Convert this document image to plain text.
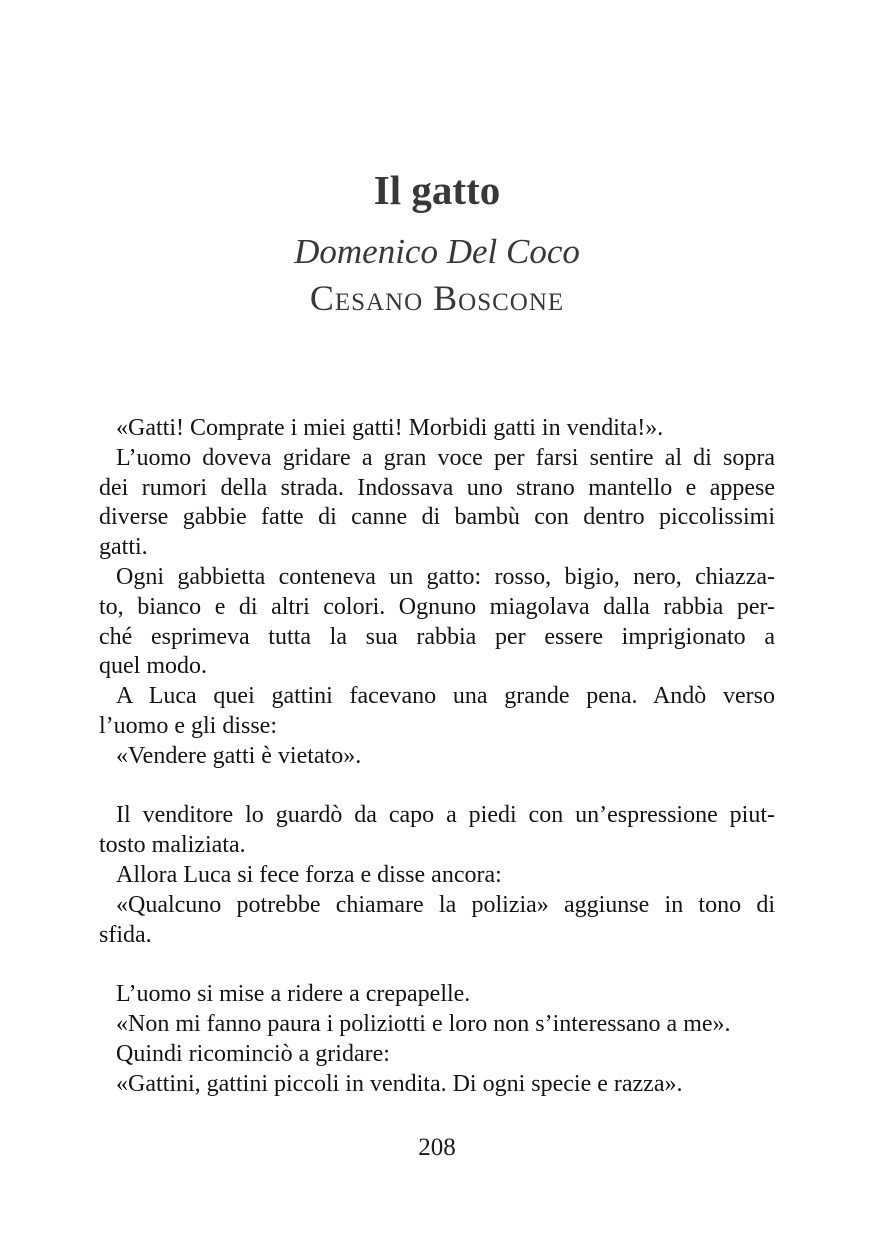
Il gatto
Domenico Del Coco
Cesano Boscone
«Gatti! Comprate i miei gatti! Morbidi gatti in vendita!».
L’uomo doveva gridare a gran voce per farsi sentire al di sopra
dei rumori della strada. Indossava uno strano mantello e appese
diverse gabbie fatte di canne di bambù con dentro piccolissimi
gatti.
Ogni gabbietta conteneva un gatto: rosso, bigio, nero, chiazza-
to, bianco e di altri colori. Ognuno miagolava dalla rabbia per-
ché esprimeva tutta la sua rabbia per essere imprigionato a
quel modo.
A Luca quei gattini facevano una grande pena. Andò verso
l’uomo e gli disse:
«Vendere gatti è vietato».
Il venditore lo guardò da capo a piedi con un’espressione piut-
tosto maliziata.
Allora Luca si fece forza e disse ancora:
«Qualcuno potrebbe chiamare la polizia» aggiunse in tono di
sfida.
L’uomo si mise a ridere a crepapelle.
«Non mi fanno paura i poliziotti e loro non s’interessano a me».
Quindi ricominciò a gridare:
«Gattini, gattini piccoli in vendita. Di ogni specie e razza».
208
